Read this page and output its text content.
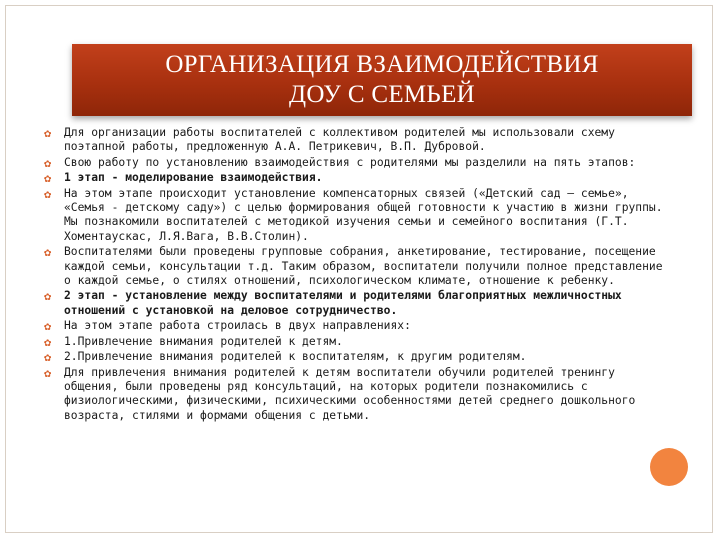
ОРГАНИЗАЦИЯ ВЗАИМОДЕЙСТВИЯ
ДОУ С СЕМЬЕЙ
✿	Для организации работы воспитателей с коллективом родителей мы использовали схему поэтапной работы, предложенную А.А. Петрикевич, В.П. Дубровой.
✿	Свою работу по установлению взаимодействия с родителями мы разделили на пять этапов:
✿	1 этап - моделирование взаимодействия.
✿	На этом этапе происходит установление компенсаторных связей («Детский сад – семье», «Семья - детскому саду») с целью формирования общей готовности к участию в жизни группы. Мы познакомили воспитателей с методикой изучения семьи и семейного воспитания (Г.Т. Хоментаускас, Л.Я.Вага, В.В.Столин).
✿	Воспитателями были проведены групповые собрания, анкетирование, тестирование, посещение каждой семьи, консультации т.д. Таким образом, воспитатели получили полное представление о каждой семье, о стилях отношений, психологическом климате, отношение к ребенку.
✿	2 этап - установление между воспитателями и родителями благоприятных межличностных отношений с установкой на деловое сотрудничество.
✿	На этом этапе работа строилась в двух направлениях:
✿	1.Привлечение внимания родителей к детям.
✿	2.Привлечение внимания родителей к воспитателям, к другим родителям.
✿	Для привлечения внимания родителей к детям воспитатели обучили родителей тренингу общения, были проведены ряд консультаций, на которых родители познакомились с физиологическими, физическими, психическими особенностями детей среднего дошкольного возраста, стилями и формами общения с детьми.
